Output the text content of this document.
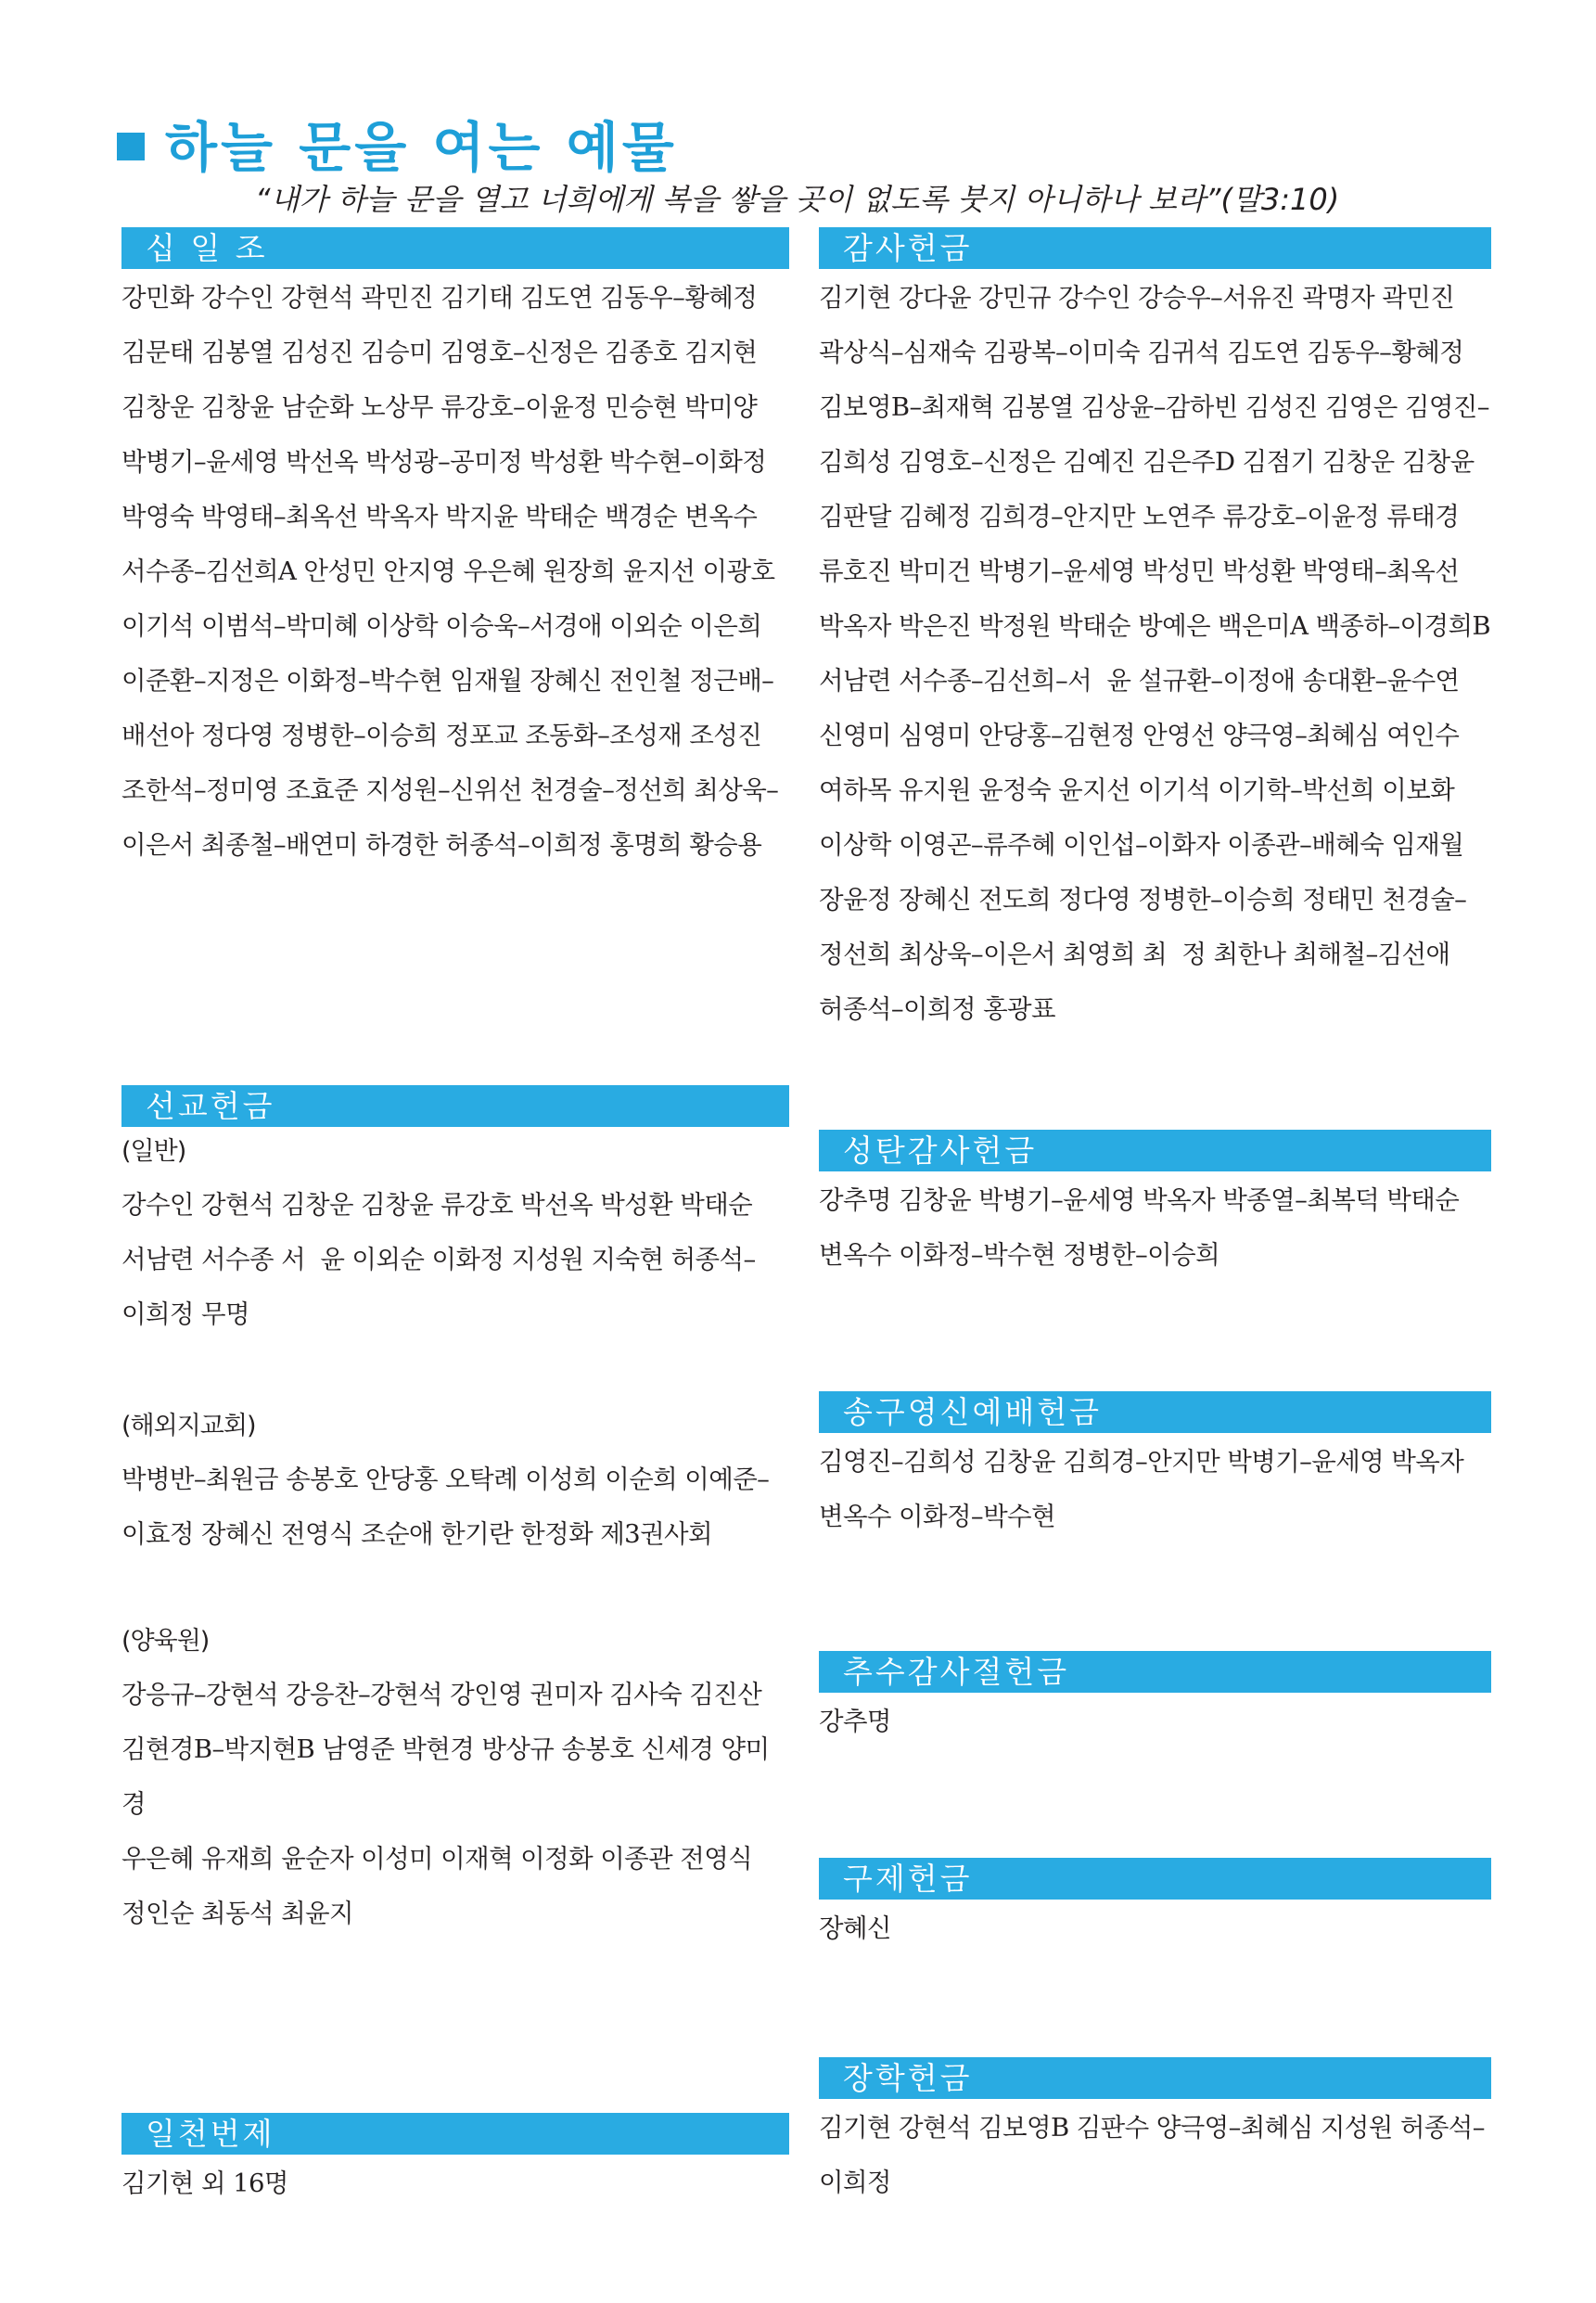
하늘 문을 여는 예물
“내가 하늘 문을 열고 너희에게 복을 쌓을 곳이 없도록 붓지 아니하나 보라”(말3:10)
십 일 조
강민화 강수인 강현석 곽민진 김기태 김도연 김동우–황혜정
김문태 김봉열 김성진 김승미 김영호–신정은 김종호 김지현
김창운 김창윤 남순화 노상무 류강호–이윤정 민승현 박미양
박병기–윤세영 박선옥 박성광–공미정 박성환 박수현–이화정
박영숙 박영태–최옥선 박옥자 박지윤 박태순 백경순 변옥수
서수종–김선희A 안성민 안지영 우은혜 원장희 윤지선 이광호
이기석 이범석–박미혜 이상학 이승욱–서경애 이외순 이은희
이준환–지정은 이화정–박수현 임재월 장혜신 전인철 정근배–
배선아 정다영 정병한–이승희 정포교 조동화–조성재 조성진
조한석–정미영 조효준 지성원–신위선 천경술–정선희 최상욱–
이은서 최종철–배연미 하경한 허종석–이희정 홍명희 황승용
선교헌금
(일반)
강수인 강현석 김창운 김창윤 류강호 박선옥 박성환 박태순
서남련 서수종 서  윤 이외순 이화정 지성원 지숙현 허종석–
이희정 무명
(해외지교회)
박병반–최원금 송봉호 안당홍 오탁례 이성희 이순희 이예준–
이효정 장혜신 전영식 조순애 한기란 한정화 제3권사회
(양육원)
강응규–강현석 강응찬–강현석 강인영 권미자 김사숙 김진산
김현경B–박지현B 남영준 박현경 방상규 송봉호 신세경 양미경
우은혜 유재희 윤순자 이성미 이재혁 이정화 이종관 전영식
정인순 최동석 최윤지
일천번제
김기현 외 16명
감사헌금
김기현 강다윤 강민규 강수인 강승우–서유진 곽명자 곽민진
곽상식–심재숙 김광복–이미숙 김귀석 김도연 김동우–황혜정
김보영B–최재혁 김봉열 김상윤–감하빈 김성진 김영은 김영진–
김희성 김영호–신정은 김예진 김은주D 김점기 김창운 김창윤
김판달 김혜정 김희경–안지만 노연주 류강호–이윤정 류태경
류호진 박미건 박병기–윤세영 박성민 박성환 박영태–최옥선
박옥자 박은진 박정원 박태순 방예은 백은미A 백종하–이경희B
서남련 서수종–김선희–서  윤 설규환–이정애 송대환–윤수연
신영미 심영미 안당홍–김현정 안영선 양극영–최혜심 여인수
여하목 유지원 윤정숙 윤지선 이기석 이기학–박선희 이보화
이상학 이영곤–류주혜 이인섭–이화자 이종관–배혜숙 임재월
장윤정 장혜신 전도희 정다영 정병한–이승희 정태민 천경술–
정선희 최상욱–이은서 최영희 최  정 최한나 최해철–김선애
허종석–이희정 홍광표
성탄감사헌금
강추명 김창윤 박병기–윤세영 박옥자 박종열–최복덕 박태순
변옥수 이화정–박수현 정병한–이승희
송구영신예배헌금
김영진–김희성 김창윤 김희경–안지만 박병기–윤세영 박옥자
변옥수 이화정–박수현
추수감사절헌금
강추명
구제헌금
장혜신
장학헌금
김기현 강현석 김보영B 김판수 양극영–최혜심 지성원 허종석–
이희정
